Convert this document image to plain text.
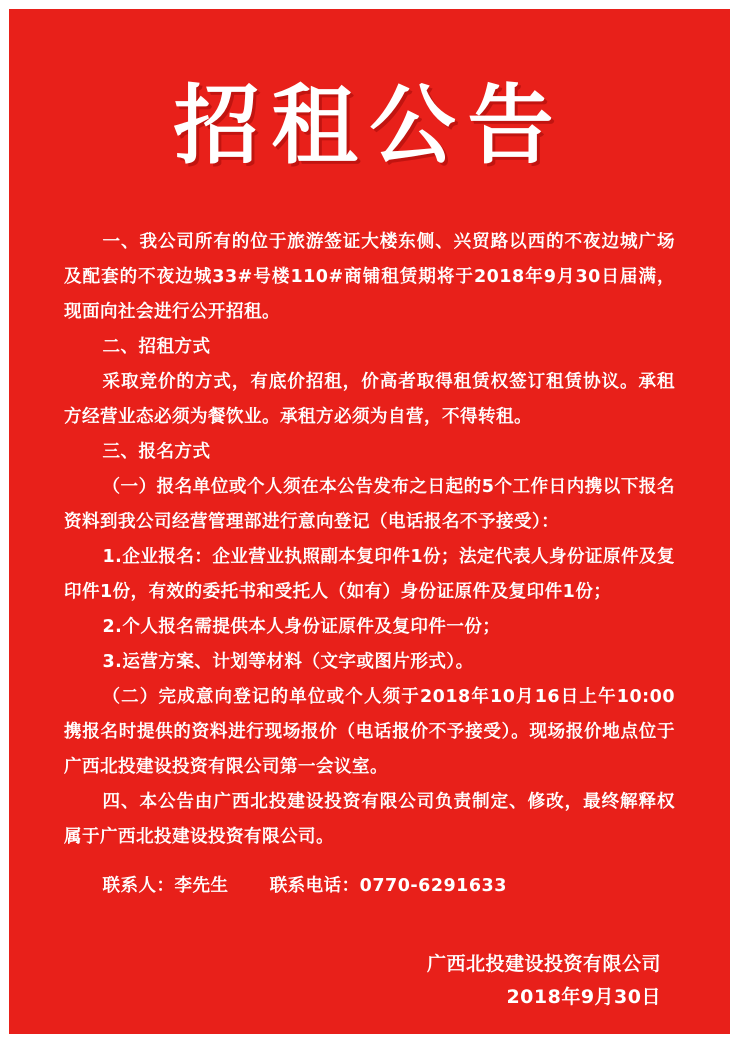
招租公告

一、我公司所有的位于旅游签证大楼东侧、兴贸路以西的不夜边城广场及配套的不夜边城33#号楼110#商铺租赁期将于2018年9月30日届满，现面向社会进行公开招租。

二、招租方式

采取竞价的方式，有底价招租，价高者取得租赁权签订租赁协议。承租方经营业态必须为餐饮业。承租方必须为自营，不得转租。

三、报名方式

（一）报名单位或个人须在本公告发布之日起的5个工作日内携以下报名资料到我公司经营管理部进行意向登记（电话报名不予接受）：

1.企业报名：企业营业执照副本复印件1份；法定代表人身份证原件及复印件1份，有效的委托书和受托人（如有）身份证原件及复印件1份；

2.个人报名需提供本人身份证原件及复印件一份；

3.运营方案、计划等材料（文字或图片形式）。

（二）完成意向登记的单位或个人须于2018年10月16日上午10:00携报名时提供的资料进行现场报价（电话报价不予接受）。现场报价地点位于广西北投建设投资有限公司第一会议室。

四、本公告由广西北投建设投资有限公司负责制定、修改，最终解释权属于广西北投建设投资有限公司。

联系人：李先生 联系电话：0770-6291633
广西北投建设投资有限公司
2018年9月30日
